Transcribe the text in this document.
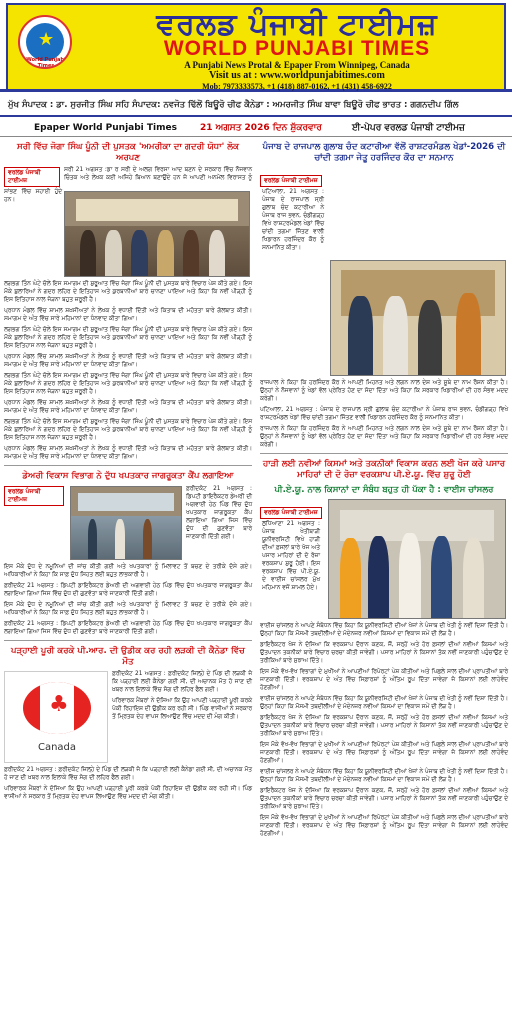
★
World Punjabi Times
ਵਰਲਡ ਪੰਜਾਬੀ ਟਾਈਮਜ਼
WORLD PUNJABI TIMES
A Punjabi News Protal & Epaper From Winnipeg, Canada
Visit us at : www.worldpunjabitimes.com
Mob: 7973333573, +1 (418) 887-0162, +1 (431) 458-6922
ਮੁੱਖ ਸੰਪਾਦਕ : ਡਾ. ਸੁਰਜੀਤ ਸਿੰਘ ਸਹਿ ਸੰਪਾਦਕ: ਨਵਜੋਤ ਢਿੱਲੋਂ ਬਿਊਰੋ ਚੀਫ ਕੈਨੇਡਾ : ਅਮਰਜੀਤ ਸਿੰਘ ਬਾਵਾ ਬਿਊਰੋ ਚੀਫ ਭਾਰਤ : ਗਗਨਦੀਪ ਗਿੱਲ
Epaper World Punjabi Times	21 ਅਗਸਤ 2026 ਦਿਨ ਸ਼ੁੱਕਰਵਾਰ	ਈ-ਪੇਪਰ ਵਰਲਡ ਪੰਜਾਬੀ ਟਾਈਮਜ਼
ਸਰੀ ਵਿੱਚ ਜੋਗਾ ਸਿੰਘ ਪੂੰਨੀ ਦੀ ਪੁਸਤਕ 'ਅਮਰੀਕਾ ਦਾ ਗਦਰੀ ਯੋਧਾ' ਲੋਕ ਅਰਪਣ
ਵਰਲਡ ਪੰਜਾਬੀ ਟਾਈਮਜ਼

ਸਰੀ 21 ਅਗਸਤ :ਡਾ ਰ ਸਰੀ ਦੇ ਅਲਗ ਵਿਰਸਾ ਆਦ ਬਣਨ ਦੇ ਸਰਕਾਰ ਵਿੱਚ ਨੌਜਵਾਨ ਚਿੰਤਕ ਅਤੇ ਲੇਖਕ ਕਈ ਅਜਿਹੇ ਬਿਆਨ ਬਣਾਉਂਦੇ ਹਨ ਜੋ ਆਪਣੀ ਅਨਮੋਲ ਵਿਰਾਸਤ ਨੂੰ ਸਾਂਭਣ ਵਿੱਚ ਸਹਾਈ ਹੁੰਦੇ ਹਨ।

ਲਗਭਗ ਤਿੰਨ ਘੰਟੇ ਚੱਲੇ ਇਸ ਸਮਾਗਮ ਦੀ ਸ਼ੁਰੂਆਤ ਵਿੱਚ ਜੋਗਾ ਸਿੰਘ ਪੂੰਨੀ ਦੀ ਪੁਸਤਕ ਬਾਰੇ ਵਿਚਾਰ ਪੇਸ਼ ਕੀਤੇ ਗਏ। ਇਸ ਮੌਕੇ ਬੁਲਾਰਿਆਂ ਨੇ ਗਦਰ ਲਹਿਰ ਦੇ ਇਤਿਹਾਸ ਅਤੇ ਕੁਰਬਾਨੀਆਂ ਬਾਰੇ ਚਾਨਣਾ ਪਾਇਆ ਅਤੇ ਕਿਹਾ ਕਿ ਨਵੀਂ ਪੀੜ੍ਹੀ ਨੂੰ ਇਸ ਇਤਿਹਾਸ ਨਾਲ ਜੋੜਨਾ ਬਹੁਤ ਜ਼ਰੂਰੀ ਹੈ।

ਪ੍ਰਧਾਨ ਮੰਡਲ ਵਿੱਚ ਸ਼ਾਮਲ ਸ਼ਖ਼ਸੀਅਤਾਂ ਨੇ ਲੇਖਕ ਨੂੰ ਵਧਾਈ ਦਿੱਤੀ ਅਤੇ ਕਿਤਾਬ ਦੀ ਮਹੱਤਤਾ ਬਾਰੇ ਗੱਲਬਾਤ ਕੀਤੀ। ਸਮਾਗਮ ਦੇ ਅੰਤ ਵਿੱਚ ਸਾਰੇ ਮਹਿਮਾਨਾਂ ਦਾ ਧੰਨਵਾਦ ਕੀਤਾ ਗਿਆ।

ਲਗਭਗ ਤਿੰਨ ਘੰਟੇ ਚੱਲੇ ਇਸ ਸਮਾਗਮ ਦੀ ਸ਼ੁਰੂਆਤ ਵਿੱਚ ਜੋਗਾ ਸਿੰਘ ਪੂੰਨੀ ਦੀ ਪੁਸਤਕ ਬਾਰੇ ਵਿਚਾਰ ਪੇਸ਼ ਕੀਤੇ ਗਏ। ਇਸ ਮੌਕੇ ਬੁਲਾਰਿਆਂ ਨੇ ਗਦਰ ਲਹਿਰ ਦੇ ਇਤਿਹਾਸ ਅਤੇ ਕੁਰਬਾਨੀਆਂ ਬਾਰੇ ਚਾਨਣਾ ਪਾਇਆ ਅਤੇ ਕਿਹਾ ਕਿ ਨਵੀਂ ਪੀੜ੍ਹੀ ਨੂੰ ਇਸ ਇਤਿਹਾਸ ਨਾਲ ਜੋੜਨਾ ਬਹੁਤ ਜ਼ਰੂਰੀ ਹੈ।

ਪ੍ਰਧਾਨ ਮੰਡਲ ਵਿੱਚ ਸ਼ਾਮਲ ਸ਼ਖ਼ਸੀਅਤਾਂ ਨੇ ਲੇਖਕ ਨੂੰ ਵਧਾਈ ਦਿੱਤੀ ਅਤੇ ਕਿਤਾਬ ਦੀ ਮਹੱਤਤਾ ਬਾਰੇ ਗੱਲਬਾਤ ਕੀਤੀ। ਸਮਾਗਮ ਦੇ ਅੰਤ ਵਿੱਚ ਸਾਰੇ ਮਹਿਮਾਨਾਂ ਦਾ ਧੰਨਵਾਦ ਕੀਤਾ ਗਿਆ।

ਲਗਭਗ ਤਿੰਨ ਘੰਟੇ ਚੱਲੇ ਇਸ ਸਮਾਗਮ ਦੀ ਸ਼ੁਰੂਆਤ ਵਿੱਚ ਜੋਗਾ ਸਿੰਘ ਪੂੰਨੀ ਦੀ ਪੁਸਤਕ ਬਾਰੇ ਵਿਚਾਰ ਪੇਸ਼ ਕੀਤੇ ਗਏ। ਇਸ ਮੌਕੇ ਬੁਲਾਰਿਆਂ ਨੇ ਗਦਰ ਲਹਿਰ ਦੇ ਇਤਿਹਾਸ ਅਤੇ ਕੁਰਬਾਨੀਆਂ ਬਾਰੇ ਚਾਨਣਾ ਪਾਇਆ ਅਤੇ ਕਿਹਾ ਕਿ ਨਵੀਂ ਪੀੜ੍ਹੀ ਨੂੰ ਇਸ ਇਤਿਹਾਸ ਨਾਲ ਜੋੜਨਾ ਬਹੁਤ ਜ਼ਰੂਰੀ ਹੈ।

ਪ੍ਰਧਾਨ ਮੰਡਲ ਵਿੱਚ ਸ਼ਾਮਲ ਸ਼ਖ਼ਸੀਅਤਾਂ ਨੇ ਲੇਖਕ ਨੂੰ ਵਧਾਈ ਦਿੱਤੀ ਅਤੇ ਕਿਤਾਬ ਦੀ ਮਹੱਤਤਾ ਬਾਰੇ ਗੱਲਬਾਤ ਕੀਤੀ। ਸਮਾਗਮ ਦੇ ਅੰਤ ਵਿੱਚ ਸਾਰੇ ਮਹਿਮਾਨਾਂ ਦਾ ਧੰਨਵਾਦ ਕੀਤਾ ਗਿਆ।

ਲਗਭਗ ਤਿੰਨ ਘੰਟੇ ਚੱਲੇ ਇਸ ਸਮਾਗਮ ਦੀ ਸ਼ੁਰੂਆਤ ਵਿੱਚ ਜੋਗਾ ਸਿੰਘ ਪੂੰਨੀ ਦੀ ਪੁਸਤਕ ਬਾਰੇ ਵਿਚਾਰ ਪੇਸ਼ ਕੀਤੇ ਗਏ। ਇਸ ਮੌਕੇ ਬੁਲਾਰਿਆਂ ਨੇ ਗਦਰ ਲਹਿਰ ਦੇ ਇਤਿਹਾਸ ਅਤੇ ਕੁਰਬਾਨੀਆਂ ਬਾਰੇ ਚਾਨਣਾ ਪਾਇਆ ਅਤੇ ਕਿਹਾ ਕਿ ਨਵੀਂ ਪੀੜ੍ਹੀ ਨੂੰ ਇਸ ਇਤਿਹਾਸ ਨਾਲ ਜੋੜਨਾ ਬਹੁਤ ਜ਼ਰੂਰੀ ਹੈ।

ਪ੍ਰਧਾਨ ਮੰਡਲ ਵਿੱਚ ਸ਼ਾਮਲ ਸ਼ਖ਼ਸੀਅਤਾਂ ਨੇ ਲੇਖਕ ਨੂੰ ਵਧਾਈ ਦਿੱਤੀ ਅਤੇ ਕਿਤਾਬ ਦੀ ਮਹੱਤਤਾ ਬਾਰੇ ਗੱਲਬਾਤ ਕੀਤੀ। ਸਮਾਗਮ ਦੇ ਅੰਤ ਵਿੱਚ ਸਾਰੇ ਮਹਿਮਾਨਾਂ ਦਾ ਧੰਨਵਾਦ ਕੀਤਾ ਗਿਆ।

ਡੇਅਰੀ ਵਿਕਾਸ ਵਿਭਾਗ ਨੇ ਦੁੱਧ ਖਪਤਕਾਰ ਜਾਗਰੂਕਤਾ ਕੈਂਪ ਲਗਾਇਆ
ਵਰਲਡ ਪੰਜਾਬੀ ਟਾਈਮਜ਼

ਫ਼ਰੀਦਕੋਟ 21 ਅਗਸਤ : ਡਿਪਟੀ ਡਾਇਰੈਕਟਰ ਡੇਅਰੀ ਦੀ ਅਗਵਾਈ ਹੇਠ ਪਿੰਡ ਵਿੱਚ ਦੁੱਧ ਖਪਤਕਾਰ ਜਾਗਰੂਕਤਾ ਕੈਂਪ ਲਗਾਇਆ ਗਿਆ ਜਿਸ ਵਿੱਚ ਦੁੱਧ ਦੀ ਗੁਣਵੱਤਾ ਬਾਰੇ ਜਾਣਕਾਰੀ ਦਿੱਤੀ ਗਈ।

ਇਸ ਮੌਕੇ ਦੁੱਧ ਦੇ ਨਮੂਨਿਆਂ ਦੀ ਜਾਂਚ ਕੀਤੀ ਗਈ ਅਤੇ ਖਪਤਕਾਰਾਂ ਨੂੰ ਮਿਲਾਵਟ ਤੋਂ ਬਚਣ ਦੇ ਤਰੀਕੇ ਦੱਸੇ ਗਏ। ਅਧਿਕਾਰੀਆਂ ਨੇ ਕਿਹਾ ਕਿ ਸਾਫ਼ ਦੁੱਧ ਸਿਹਤ ਲਈ ਬਹੁਤ ਲਾਭਕਾਰੀ ਹੈ।

ਫ਼ਰੀਦਕੋਟ 21 ਅਗਸਤ : ਡਿਪਟੀ ਡਾਇਰੈਕਟਰ ਡੇਅਰੀ ਦੀ ਅਗਵਾਈ ਹੇਠ ਪਿੰਡ ਵਿੱਚ ਦੁੱਧ ਖਪਤਕਾਰ ਜਾਗਰੂਕਤਾ ਕੈਂਪ ਲਗਾਇਆ ਗਿਆ ਜਿਸ ਵਿੱਚ ਦੁੱਧ ਦੀ ਗੁਣਵੱਤਾ ਬਾਰੇ ਜਾਣਕਾਰੀ ਦਿੱਤੀ ਗਈ।

ਇਸ ਮੌਕੇ ਦੁੱਧ ਦੇ ਨਮੂਨਿਆਂ ਦੀ ਜਾਂਚ ਕੀਤੀ ਗਈ ਅਤੇ ਖਪਤਕਾਰਾਂ ਨੂੰ ਮਿਲਾਵਟ ਤੋਂ ਬਚਣ ਦੇ ਤਰੀਕੇ ਦੱਸੇ ਗਏ। ਅਧਿਕਾਰੀਆਂ ਨੇ ਕਿਹਾ ਕਿ ਸਾਫ਼ ਦੁੱਧ ਸਿਹਤ ਲਈ ਬਹੁਤ ਲਾਭਕਾਰੀ ਹੈ।

ਫ਼ਰੀਦਕੋਟ 21 ਅਗਸਤ : ਡਿਪਟੀ ਡਾਇਰੈਕਟਰ ਡੇਅਰੀ ਦੀ ਅਗਵਾਈ ਹੇਠ ਪਿੰਡ ਵਿੱਚ ਦੁੱਧ ਖਪਤਕਾਰ ਜਾਗਰੂਕਤਾ ਕੈਂਪ ਲਗਾਇਆ ਗਿਆ ਜਿਸ ਵਿੱਚ ਦੁੱਧ ਦੀ ਗੁਣਵੱਤਾ ਬਾਰੇ ਜਾਣਕਾਰੀ ਦਿੱਤੀ ਗਈ।

ਪੜ੍ਹਾਈ ਪੂਰੀ ਕਰਕੇ ਪੀ.ਆਰ. ਦੀ ਉਡੀਕ ਕਰ ਰਹੀ ਲੜਕੀ ਦੀ ਕੈਨੇਡਾ ਵਿੱਚ ਮੌਤ
♣
Canada

ਫ਼ਰੀਦਕੋਟ 21 ਅਗਸਤ : ਫ਼ਰੀਦਕੋਟ ਜ਼ਿਲ੍ਹੇ ਦੇ ਪਿੰਡ ਦੀ ਲੜਕੀ ਜੋ ਕਿ ਪੜ੍ਹਾਈ ਲਈ ਕੈਨੇਡਾ ਗਈ ਸੀ, ਦੀ ਅਚਾਨਕ ਮੌਤ ਹੋ ਜਾਣ ਦੀ ਖ਼ਬਰ ਨਾਲ ਇਲਾਕੇ ਵਿੱਚ ਸੋਗ ਦੀ ਲਹਿਰ ਫੈਲ ਗਈ।

ਪਰਿਵਾਰਕ ਮੈਂਬਰਾਂ ਨੇ ਦੱਸਿਆ ਕਿ ਉਹ ਆਪਣੀ ਪੜ੍ਹਾਈ ਪੂਰੀ ਕਰਕੇ ਪੱਕੀ ਰਿਹਾਇਸ਼ ਦੀ ਉਡੀਕ ਕਰ ਰਹੀ ਸੀ। ਪਿੰਡ ਵਾਸੀਆਂ ਨੇ ਸਰਕਾਰ ਤੋਂ ਮ੍ਰਿਤਕ ਦੇਹ ਵਾਪਸ ਲਿਆਉਣ ਵਿੱਚ ਮਦਦ ਦੀ ਮੰਗ ਕੀਤੀ।

ਫ਼ਰੀਦਕੋਟ 21 ਅਗਸਤ : ਫ਼ਰੀਦਕੋਟ ਜ਼ਿਲ੍ਹੇ ਦੇ ਪਿੰਡ ਦੀ ਲੜਕੀ ਜੋ ਕਿ ਪੜ੍ਹਾਈ ਲਈ ਕੈਨੇਡਾ ਗਈ ਸੀ, ਦੀ ਅਚਾਨਕ ਮੌਤ ਹੋ ਜਾਣ ਦੀ ਖ਼ਬਰ ਨਾਲ ਇਲਾਕੇ ਵਿੱਚ ਸੋਗ ਦੀ ਲਹਿਰ ਫੈਲ ਗਈ।

ਪਰਿਵਾਰਕ ਮੈਂਬਰਾਂ ਨੇ ਦੱਸਿਆ ਕਿ ਉਹ ਆਪਣੀ ਪੜ੍ਹਾਈ ਪੂਰੀ ਕਰਕੇ ਪੱਕੀ ਰਿਹਾਇਸ਼ ਦੀ ਉਡੀਕ ਕਰ ਰਹੀ ਸੀ। ਪਿੰਡ ਵਾਸੀਆਂ ਨੇ ਸਰਕਾਰ ਤੋਂ ਮ੍ਰਿਤਕ ਦੇਹ ਵਾਪਸ ਲਿਆਉਣ ਵਿੱਚ ਮਦਦ ਦੀ ਮੰਗ ਕੀਤੀ।

ਪੰਜਾਬ ਦੇ ਰਾਜਪਾਲ ਗੁਲਾਬ ਚੰਦ ਕਟਾਰੀਆ ਵੱਲੋਂ ਰਾਸ਼ਟਰਮੰਡਲ ਖੇਡਾਂ-2026 ਦੀ ਚਾਂਦੀ ਤਗਮਾ ਜੇਤੂ ਹਰਜਿੰਦਰ ਕੌਰ ਦਾ ਸਨਮਾਨ
ਵਰਲਡ ਪੰਜਾਬੀ ਟਾਈਮਜ਼

ਪਟਿਆਲਾ, 21 ਅਗਸਤ : ਪੰਜਾਬ ਦੇ ਰਾਜਪਾਲ ਸ੍ਰੀ ਗੁਲਾਬ ਚੰਦ ਕਟਾਰੀਆ ਨੇ ਪੰਜਾਬ ਰਾਜ ਭਵਨ, ਚੰਡੀਗੜ੍ਹ ਵਿਖੇ ਰਾਸ਼ਟਰਮੰਡਲ ਖੇਡਾਂ ਵਿੱਚ ਚਾਂਦੀ ਤਗਮਾ ਜਿੱਤਣ ਵਾਲੀ ਖਿਡਾਰਨ ਹਰਜਿੰਦਰ ਕੌਰ ਨੂੰ ਸਨਮਾਨਿਤ ਕੀਤਾ।

ਰਾਜਪਾਲ ਨੇ ਕਿਹਾ ਕਿ ਹਰਜਿੰਦਰ ਕੌਰ ਨੇ ਆਪਣੀ ਮਿਹਨਤ ਅਤੇ ਲਗਨ ਨਾਲ ਦੇਸ਼ ਅਤੇ ਸੂਬੇ ਦਾ ਨਾਮ ਰੌਸ਼ਨ ਕੀਤਾ ਹੈ। ਉਨ੍ਹਾਂ ਨੇ ਨੌਜਵਾਨਾਂ ਨੂੰ ਖੇਡਾਂ ਵੱਲ ਪ੍ਰੇਰਿਤ ਹੋਣ ਦਾ ਸੱਦਾ ਦਿੱਤਾ ਅਤੇ ਕਿਹਾ ਕਿ ਸਰਕਾਰ ਖਿਡਾਰੀਆਂ ਦੀ ਹਰ ਸੰਭਵ ਮਦਦ ਕਰੇਗੀ।

ਪਟਿਆਲਾ, 21 ਅਗਸਤ : ਪੰਜਾਬ ਦੇ ਰਾਜਪਾਲ ਸ੍ਰੀ ਗੁਲਾਬ ਚੰਦ ਕਟਾਰੀਆ ਨੇ ਪੰਜਾਬ ਰਾਜ ਭਵਨ, ਚੰਡੀਗੜ੍ਹ ਵਿਖੇ ਰਾਸ਼ਟਰਮੰਡਲ ਖੇਡਾਂ ਵਿੱਚ ਚਾਂਦੀ ਤਗਮਾ ਜਿੱਤਣ ਵਾਲੀ ਖਿਡਾਰਨ ਹਰਜਿੰਦਰ ਕੌਰ ਨੂੰ ਸਨਮਾਨਿਤ ਕੀਤਾ।

ਰਾਜਪਾਲ ਨੇ ਕਿਹਾ ਕਿ ਹਰਜਿੰਦਰ ਕੌਰ ਨੇ ਆਪਣੀ ਮਿਹਨਤ ਅਤੇ ਲਗਨ ਨਾਲ ਦੇਸ਼ ਅਤੇ ਸੂਬੇ ਦਾ ਨਾਮ ਰੌਸ਼ਨ ਕੀਤਾ ਹੈ। ਉਨ੍ਹਾਂ ਨੇ ਨੌਜਵਾਨਾਂ ਨੂੰ ਖੇਡਾਂ ਵੱਲ ਪ੍ਰੇਰਿਤ ਹੋਣ ਦਾ ਸੱਦਾ ਦਿੱਤਾ ਅਤੇ ਕਿਹਾ ਕਿ ਸਰਕਾਰ ਖਿਡਾਰੀਆਂ ਦੀ ਹਰ ਸੰਭਵ ਮਦਦ ਕਰੇਗੀ।

ਹਾੜੀ ਲਈ ਨਵੀਆਂ ਕਿਸਮਾਂ ਅਤੇ ਤਕਨੀਕਾਂ ਵਿਕਾਸ ਕਰਨ ਲਈ ਖੋਜ ਕਰੇ ਪਸਾਰ ਮਾਹਿਰਾਂ ਦੀ ਦੋ ਰੋਜ਼ਾ ਵਰਕਸ਼ਾਪ ਪੀ.ਏ.ਯੂ. ਵਿੱਚ ਸ਼ੁਰੂ ਹੋਈ
ਪੀ.ਏ.ਯੂ. ਨਾਲ ਕਿਸਾਨਾਂ ਦਾ ਸੰਬੰਧ ਬਹੁਤ ਹੀ ਪੱਕਾ ਹੈ : ਵਾਈਸ ਚਾਂਸਲਰ
ਵਰਲਡ ਪੰਜਾਬੀ ਟਾਈਮਜ਼

ਲੁਧਿਆਣਾ 21 ਅਗਸਤ : ਪੰਜਾਬ ਖੇਤੀਬਾੜੀ ਯੂਨੀਵਰਸਿਟੀ ਵਿਖੇ ਹਾੜੀ ਦੀਆਂ ਫ਼ਸਲਾਂ ਬਾਰੇ ਖੋਜ ਅਤੇ ਪਸਾਰ ਮਾਹਿਰਾਂ ਦੀ ਦੋ ਰੋਜ਼ਾ ਵਰਕਸ਼ਾਪ ਸ਼ੁਰੂ ਹੋਈ। ਇਸ ਵਰਕਸ਼ਾਪ ਵਿੱਚ ਪੀ.ਏ.ਯੂ. ਦੇ ਵਾਈਸ ਚਾਂਸਲਰ ਮੁੱਖ ਮਹਿਮਾਨ ਵਜੋਂ ਸ਼ਾਮਲ ਹੋਏ।

ਵਾਈਸ ਚਾਂਸਲਰ ਨੇ ਆਪਣੇ ਸੰਬੋਧਨ ਵਿੱਚ ਕਿਹਾ ਕਿ ਯੂਨੀਵਰਸਿਟੀ ਦੀਆਂ ਖੋਜਾਂ ਨੇ ਪੰਜਾਬ ਦੀ ਖੇਤੀ ਨੂੰ ਨਵੀਂ ਦਿਸ਼ਾ ਦਿੱਤੀ ਹੈ। ਉਨ੍ਹਾਂ ਕਿਹਾ ਕਿ ਮੌਸਮੀ ਤਬਦੀਲੀਆਂ ਦੇ ਮੱਦੇਨਜ਼ਰ ਨਵੀਆਂ ਕਿਸਮਾਂ ਦਾ ਵਿਕਾਸ ਸਮੇਂ ਦੀ ਲੋੜ ਹੈ।

ਡਾਇਰੈਕਟਰ ਖੋਜ ਨੇ ਦੱਸਿਆ ਕਿ ਵਰਕਸ਼ਾਪ ਦੌਰਾਨ ਕਣਕ, ਜੌਂ, ਸਰ੍ਹੋਂ ਅਤੇ ਹੋਰ ਫ਼ਸਲਾਂ ਦੀਆਂ ਨਵੀਆਂ ਕਿਸਮਾਂ ਅਤੇ ਉਤਪਾਦਨ ਤਕਨੀਕਾਂ ਬਾਰੇ ਵਿਚਾਰ ਚਰਚਾ ਕੀਤੀ ਜਾਵੇਗੀ। ਪਸਾਰ ਮਾਹਿਰਾਂ ਨੇ ਕਿਸਾਨਾਂ ਤੱਕ ਨਵੀਂ ਜਾਣਕਾਰੀ ਪਹੁੰਚਾਉਣ ਦੇ ਤਰੀਕਿਆਂ ਬਾਰੇ ਸੁਝਾਅ ਦਿੱਤੇ।

ਇਸ ਮੌਕੇ ਵੱਖ-ਵੱਖ ਵਿਭਾਗਾਂ ਦੇ ਮੁਖੀਆਂ ਨੇ ਆਪਣੀਆਂ ਰਿਪੋਰਟਾਂ ਪੇਸ਼ ਕੀਤੀਆਂ ਅਤੇ ਪਿਛਲੇ ਸਾਲ ਦੀਆਂ ਪ੍ਰਾਪਤੀਆਂ ਬਾਰੇ ਜਾਣਕਾਰੀ ਦਿੱਤੀ। ਵਰਕਸ਼ਾਪ ਦੇ ਅੰਤ ਵਿੱਚ ਸਿਫ਼ਾਰਸ਼ਾਂ ਨੂੰ ਅੰਤਿਮ ਰੂਪ ਦਿੱਤਾ ਜਾਵੇਗਾ ਜੋ ਕਿਸਾਨਾਂ ਲਈ ਲਾਹੇਵੰਦ ਹੋਣਗੀਆਂ।

ਵਾਈਸ ਚਾਂਸਲਰ ਨੇ ਆਪਣੇ ਸੰਬੋਧਨ ਵਿੱਚ ਕਿਹਾ ਕਿ ਯੂਨੀਵਰਸਿਟੀ ਦੀਆਂ ਖੋਜਾਂ ਨੇ ਪੰਜਾਬ ਦੀ ਖੇਤੀ ਨੂੰ ਨਵੀਂ ਦਿਸ਼ਾ ਦਿੱਤੀ ਹੈ। ਉਨ੍ਹਾਂ ਕਿਹਾ ਕਿ ਮੌਸਮੀ ਤਬਦੀਲੀਆਂ ਦੇ ਮੱਦੇਨਜ਼ਰ ਨਵੀਆਂ ਕਿਸਮਾਂ ਦਾ ਵਿਕਾਸ ਸਮੇਂ ਦੀ ਲੋੜ ਹੈ।

ਡਾਇਰੈਕਟਰ ਖੋਜ ਨੇ ਦੱਸਿਆ ਕਿ ਵਰਕਸ਼ਾਪ ਦੌਰਾਨ ਕਣਕ, ਜੌਂ, ਸਰ੍ਹੋਂ ਅਤੇ ਹੋਰ ਫ਼ਸਲਾਂ ਦੀਆਂ ਨਵੀਆਂ ਕਿਸਮਾਂ ਅਤੇ ਉਤਪਾਦਨ ਤਕਨੀਕਾਂ ਬਾਰੇ ਵਿਚਾਰ ਚਰਚਾ ਕੀਤੀ ਜਾਵੇਗੀ। ਪਸਾਰ ਮਾਹਿਰਾਂ ਨੇ ਕਿਸਾਨਾਂ ਤੱਕ ਨਵੀਂ ਜਾਣਕਾਰੀ ਪਹੁੰਚਾਉਣ ਦੇ ਤਰੀਕਿਆਂ ਬਾਰੇ ਸੁਝਾਅ ਦਿੱਤੇ।

ਇਸ ਮੌਕੇ ਵੱਖ-ਵੱਖ ਵਿਭਾਗਾਂ ਦੇ ਮੁਖੀਆਂ ਨੇ ਆਪਣੀਆਂ ਰਿਪੋਰਟਾਂ ਪੇਸ਼ ਕੀਤੀਆਂ ਅਤੇ ਪਿਛਲੇ ਸਾਲ ਦੀਆਂ ਪ੍ਰਾਪਤੀਆਂ ਬਾਰੇ ਜਾਣਕਾਰੀ ਦਿੱਤੀ। ਵਰਕਸ਼ਾਪ ਦੇ ਅੰਤ ਵਿੱਚ ਸਿਫ਼ਾਰਸ਼ਾਂ ਨੂੰ ਅੰਤਿਮ ਰੂਪ ਦਿੱਤਾ ਜਾਵੇਗਾ ਜੋ ਕਿਸਾਨਾਂ ਲਈ ਲਾਹੇਵੰਦ ਹੋਣਗੀਆਂ।

ਵਾਈਸ ਚਾਂਸਲਰ ਨੇ ਆਪਣੇ ਸੰਬੋਧਨ ਵਿੱਚ ਕਿਹਾ ਕਿ ਯੂਨੀਵਰਸਿਟੀ ਦੀਆਂ ਖੋਜਾਂ ਨੇ ਪੰਜਾਬ ਦੀ ਖੇਤੀ ਨੂੰ ਨਵੀਂ ਦਿਸ਼ਾ ਦਿੱਤੀ ਹੈ। ਉਨ੍ਹਾਂ ਕਿਹਾ ਕਿ ਮੌਸਮੀ ਤਬਦੀਲੀਆਂ ਦੇ ਮੱਦੇਨਜ਼ਰ ਨਵੀਆਂ ਕਿਸਮਾਂ ਦਾ ਵਿਕਾਸ ਸਮੇਂ ਦੀ ਲੋੜ ਹੈ।

ਡਾਇਰੈਕਟਰ ਖੋਜ ਨੇ ਦੱਸਿਆ ਕਿ ਵਰਕਸ਼ਾਪ ਦੌਰਾਨ ਕਣਕ, ਜੌਂ, ਸਰ੍ਹੋਂ ਅਤੇ ਹੋਰ ਫ਼ਸਲਾਂ ਦੀਆਂ ਨਵੀਆਂ ਕਿਸਮਾਂ ਅਤੇ ਉਤਪਾਦਨ ਤਕਨੀਕਾਂ ਬਾਰੇ ਵਿਚਾਰ ਚਰਚਾ ਕੀਤੀ ਜਾਵੇਗੀ। ਪਸਾਰ ਮਾਹਿਰਾਂ ਨੇ ਕਿਸਾਨਾਂ ਤੱਕ ਨਵੀਂ ਜਾਣਕਾਰੀ ਪਹੁੰਚਾਉਣ ਦੇ ਤਰੀਕਿਆਂ ਬਾਰੇ ਸੁਝਾਅ ਦਿੱਤੇ।

ਇਸ ਮੌਕੇ ਵੱਖ-ਵੱਖ ਵਿਭਾਗਾਂ ਦੇ ਮੁਖੀਆਂ ਨੇ ਆਪਣੀਆਂ ਰਿਪੋਰਟਾਂ ਪੇਸ਼ ਕੀਤੀਆਂ ਅਤੇ ਪਿਛਲੇ ਸਾਲ ਦੀਆਂ ਪ੍ਰਾਪਤੀਆਂ ਬਾਰੇ ਜਾਣਕਾਰੀ ਦਿੱਤੀ। ਵਰਕਸ਼ਾਪ ਦੇ ਅੰਤ ਵਿੱਚ ਸਿਫ਼ਾਰਸ਼ਾਂ ਨੂੰ ਅੰਤਿਮ ਰੂਪ ਦਿੱਤਾ ਜਾਵੇਗਾ ਜੋ ਕਿਸਾਨਾਂ ਲਈ ਲਾਹੇਵੰਦ ਹੋਣਗੀਆਂ।
